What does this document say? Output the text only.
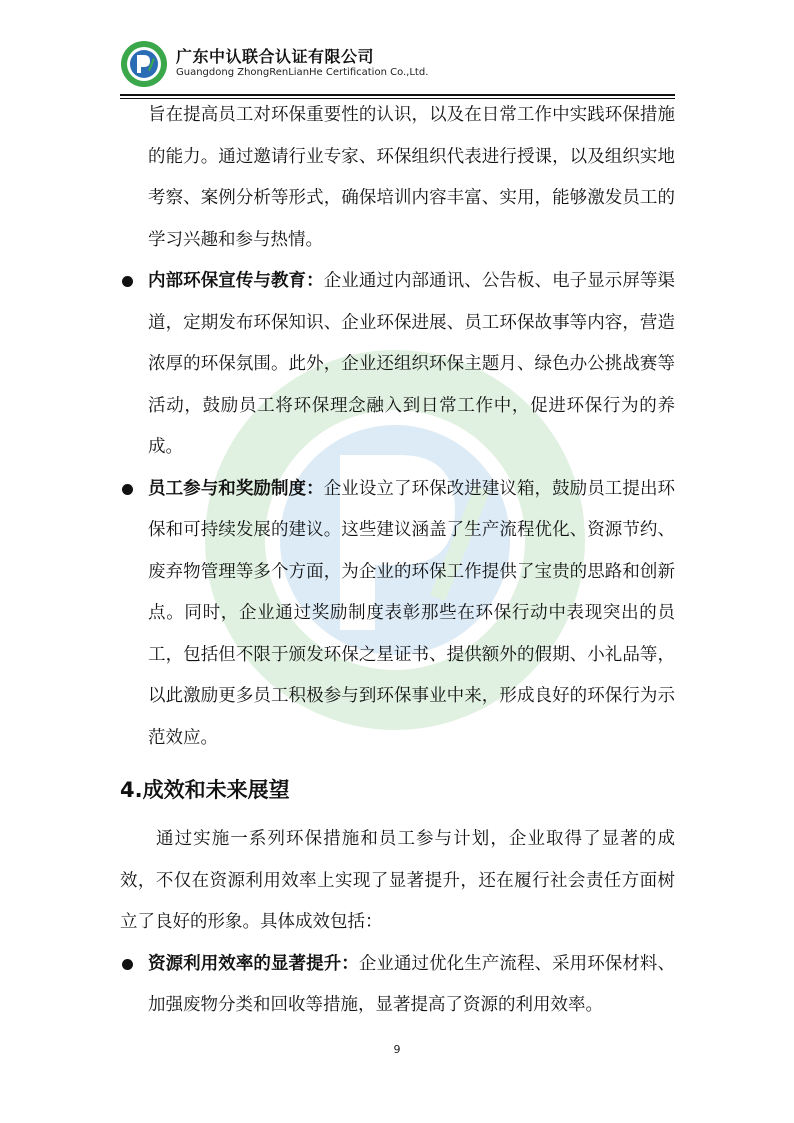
广东中认联合认证有限公司
Guangdong ZhongRenLianHe Certification Co.,Ltd.

旨在提高员工对环保重要性的认识，以及在日常工作中实践环保措施的能力。通过邀请行业专家、环保组织代表进行授课，以及组织实地考察、案例分析等形式，确保培训内容丰富、实用，能够激发员工的学习兴趣和参与热情。

内部环保宣传与教育：企业通过内部通讯、公告板、电子显示屏等渠道，定期发布环保知识、企业环保进展、员工环保故事等内容，营造浓厚的环保氛围。此外，企业还组织环保主题月、绿色办公挑战赛等活动，鼓励员工将环保理念融入到日常工作中，促进环保行为的养成。

员工参与和奖励制度：企业设立了环保改进建议箱，鼓励员工提出环保和可持续发展的建议。这些建议涵盖了生产流程优化、资源节约、废弃物管理等多个方面，为企业的环保工作提供了宝贵的思路和创新点。同时，企业通过奖励制度表彰那些在环保行动中表现突出的员工，包括但不限于颁发环保之星证书、提供额外的假期、小礼品等，以此激励更多员工积极参与到环保事业中来，形成良好的环保行为示范效应。

4.成效和未来展望

通过实施一系列环保措施和员工参与计划，企业取得了显著的成效，不仅在资源利用效率上实现了显著提升，还在履行社会责任方面树立了良好的形象。具体成效包括：

资源利用效率的显著提升：企业通过优化生产流程、采用环保材料、加强废物分类和回收等措施，显著提高了资源的利用效率。

9
